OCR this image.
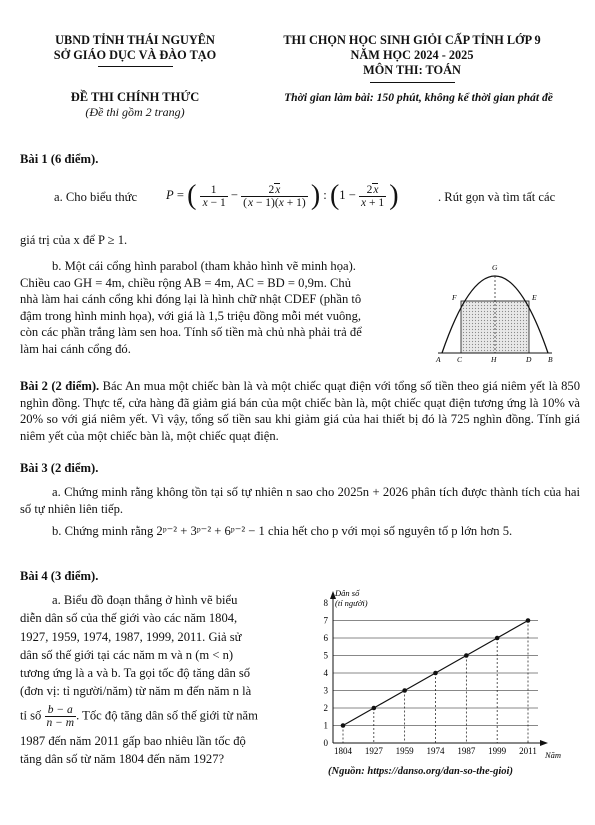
UBND TỈNH THÁI NGUYÊN
SỞ GIÁO DỤC VÀ ĐÀO TẠO
THI CHỌN HỌC SINH GIỎI CẤP TỈNH LỚP 9
NĂM HỌC 2024 - 2025
MÔN THI: TOÁN
ĐỀ THI CHÍNH THỨC
(Đề thi gồm 2 trang)
Thời gian làm bài: 150 phút, không kể thời gian phát đề
Bài 1 (6 điểm).
a. Cho biểu thức P = ( $\frac{1}{x - 1} - \frac{2x}{(x - 1)(x + 1)}$ ) : ($1 - \frac{2x}{x + 1}$ )	. Rút gọn và tìm tất các
giá trị của x để P ≥ 1.

b. Một cái cổng hình parabol (tham khảo hình vẽ minh họa).

Chiều cao GH = 4m, chiều rộng AB = 4m, AC = BD = 0,9m. Chủ

nhà làm hai cánh cổng khi đóng lại là hình chữ nhật CDEF (phần tô

đậm trong hình minh họa), với giá là 1,5 triệu đồng mỗi mét vuông,

còn các phần trắng làm sen hoa. Tính số tiền mà chủ nhà phải trả để

làm hai cánh cổng đó.

G
F	E
A C	H	D B
Bài 2 (2 điểm). Bác An mua một chiếc bàn là và một chiếc quạt điện với tổng số tiền theo giá niêm yết là 850 nghìn đồng. Thực tế, cửa hàng đã giảm giá bán của một chiếc bàn là, một chiếc quạt điện tương ứng là 10% và 20% so với giá niêm yết. Vì vậy, tổng số tiền sau khi giảm giá của hai thiết bị đó là 725 nghìn đồng. Tính giá niêm yết của một chiếc bàn là, một chiếc quạt điện.
Bài 3 (2 điểm).
a. Chứng minh rằng không tồn tại số tự nhiên n sao cho 2025n + 2026 phân tích được thành tích của hai số tự nhiên liên tiếp.
b. Chứng minh rằng 2ᵖ⁻² + 3ᵖ⁻² + 6ᵖ⁻² − 1 chia hết cho p với mọi số nguyên tố p lớn hơn 5.
Bài 4 (3 điểm).

a. Biểu đồ đoạn thẳng ở hình vẽ biểu

diễn dân số của thế giới vào các năm 1804,

1927, 1959, 1974, 1987, 1999, 2011. Giả sử

dân số thế giới tại các năm m và n (m < n)

tương ứng là a và b. Ta gọi tốc độ tăng dân số

(đơn vị: tỉ người/năm) từ năm m đến năm n là

tỉ số $\frac{b - a}{n - m}$ . Tốc độ tăng dân số thế giới từ năm

1987 đến năm 2011 gấp bao nhiêu lần tốc độ

tăng dân số từ năm 1804 đến năm 1927?

0
1
2
3
4
5
6
7
8
1804 1927 1959 1974 1987 1999 2011
Dân số
(tỉ người)
Năm
(Nguồn: https://danso.org/dan-so-the-gioi)
